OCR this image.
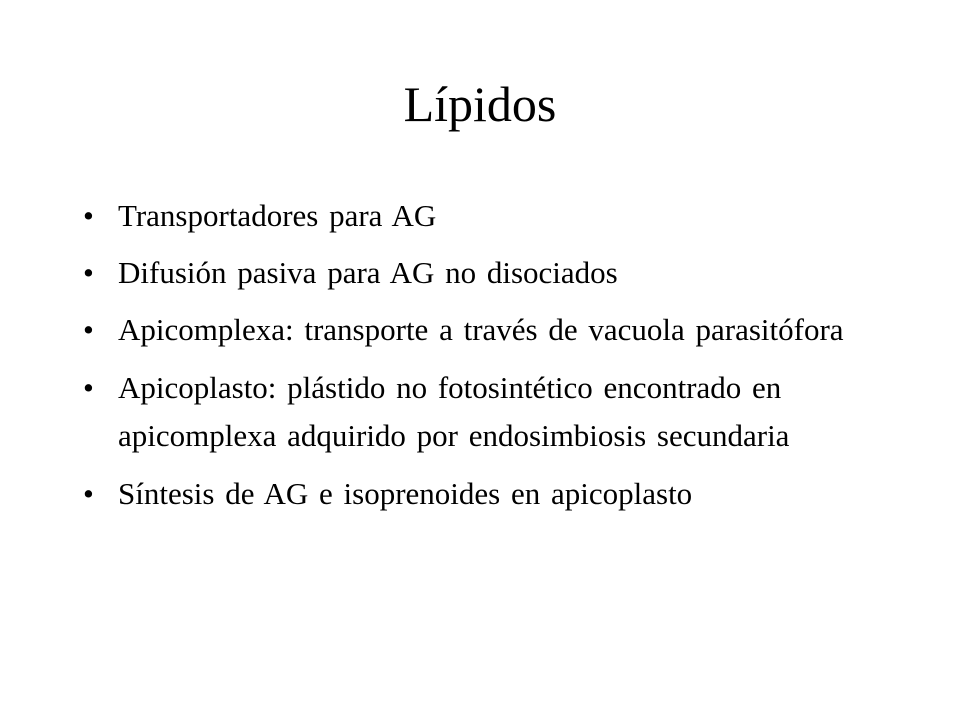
Lípidos
• Transportadores para AG
• Difusión pasiva para AG no disociados
• Apicomplexa: transporte a través de vacuola parasitófora
• Apicoplasto: plástido no fotosintético encontrado en apicomplexa adquirido por endosimbiosis secundaria
• Síntesis de AG e isoprenoides en apicoplasto
